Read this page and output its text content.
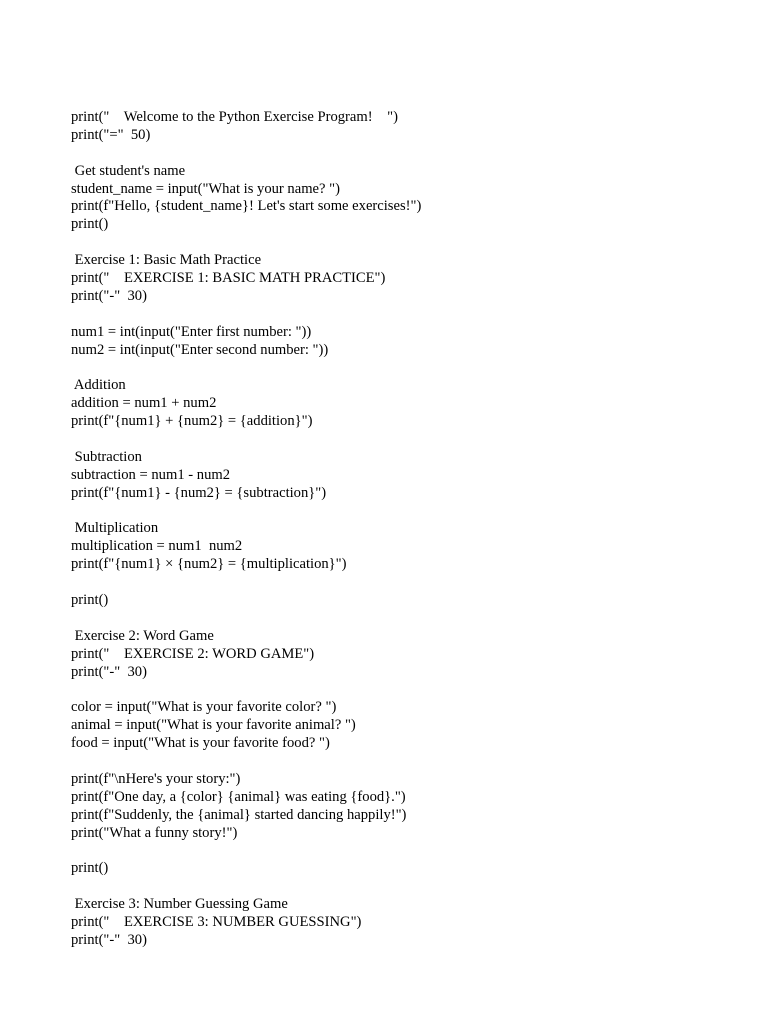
print("    Welcome to the Python Exercise Program!    ")
print("="  50)
Get student's name
student_name = input("What is your name? ")
print(f"Hello, {student_name}! Let's start some exercises!")
print()
Exercise 1: Basic Math Practice
print("    EXERCISE 1: BASIC MATH PRACTICE")
print("-"  30)
num1 = int(input("Enter first number: "))
num2 = int(input("Enter second number: "))
Addition
addition = num1 + num2
print(f"{num1} + {num2} = {addition}")
Subtraction
subtraction = num1 - num2
print(f"{num1} - {num2} = {subtraction}")
Multiplication
multiplication = num1  num2
print(f"{num1} × {num2} = {multiplication}")
print()
Exercise 2: Word Game
print("    EXERCISE 2: WORD GAME")
print("-"  30)
color = input("What is your favorite color? ")
animal = input("What is your favorite animal? ")
food = input("What is your favorite food? ")
print(f"\nHere's your story:")
print(f"One day, a {color} {animal} was eating {food}.")
print(f"Suddenly, the {animal} started dancing happily!")
print("What a funny story!")
print()
Exercise 3: Number Guessing Game
print("    EXERCISE 3: NUMBER GUESSING")
print("-"  30)
